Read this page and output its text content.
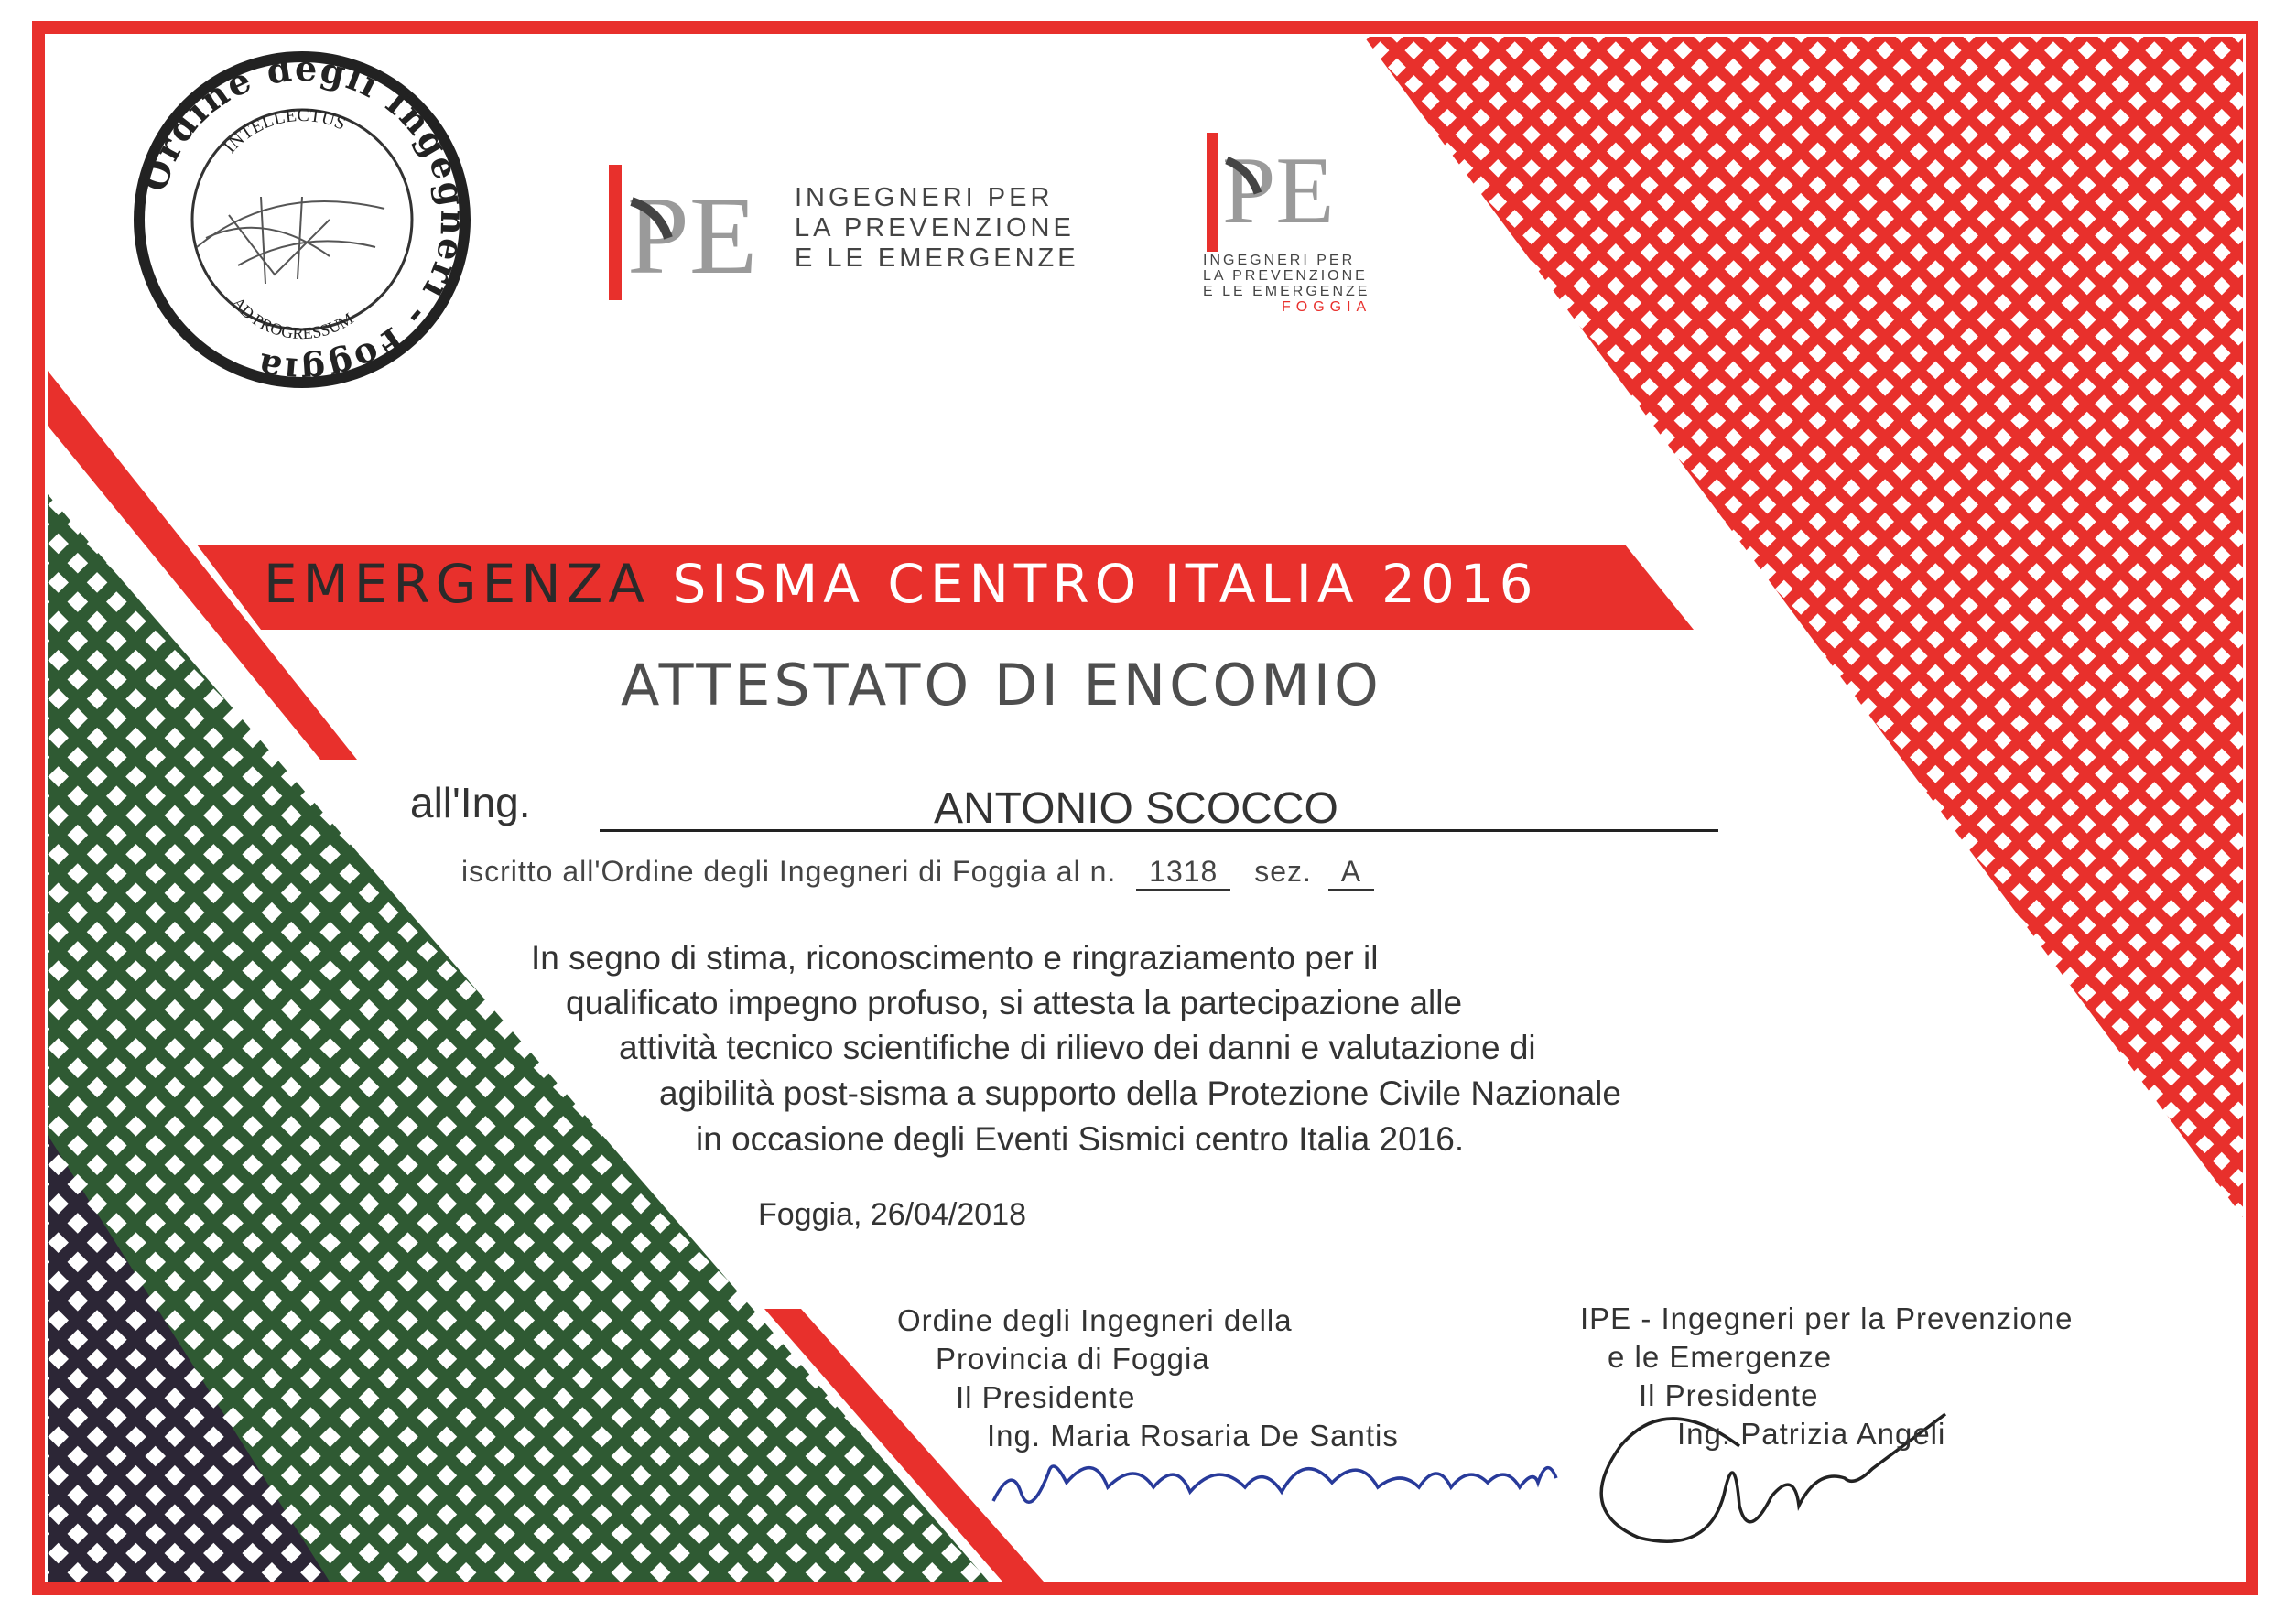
PE	PE
Ordine degli Ingegneri - Foggia
INTELLECTUS
AD PROGRESSUM
INGEGNERI PER
LA PREVENZIONE
E LE EMERGENZE	INGEGNERI PER
LA PREVENZIONE
E LE EMERGENZE
FOGGIA
EMERGENZA SISMA CENTRO ITALIA 2016
ATTESTATO DI ENCOMIO
all'Ing.	ANTONIO SCOCCO
iscritto all'Ordine degli Ingegneri di Foggia al n. 1318 sez. A
In segno di stima, riconoscimento e ringraziamento per il
qualificato impegno profuso, si attesta la partecipazione alle
attività tecnico scientifiche di rilievo dei danni e valutazione di
agibilità post-sisma a supporto della Protezione Civile Nazionale
in occasione degli Eventi Sismici centro Italia 2016.
Foggia, 26/04/2018
Ordine degli Ingegneri della
Provincia di Foggia
Il Presidente
Ing. Maria Rosaria De Santis
IPE - Ingegneri per la Prevenzione
e le Emergenze
Il Presidente
Ing. Patrizia Angeli
